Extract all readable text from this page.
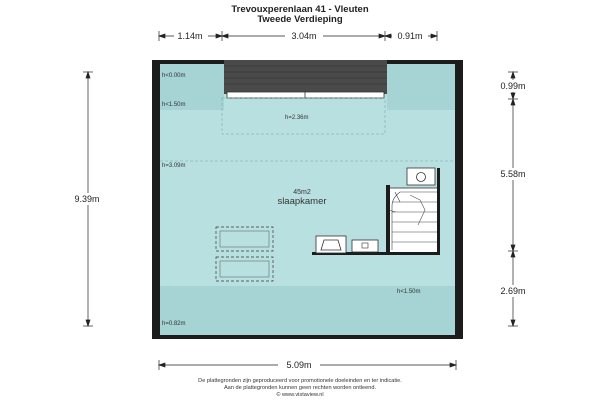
Trevouxperenlaan 41 - Vleuten
Tweede Verdieping
h<0.00m
h<1.50m
h=2.36m
h=3.09m
h<1.50m
h=0.82m
45m2
slaapkamer
1.14m	3.04m	0.91m
9.39m
0.99m
5.58m
2.69m
5.09m
De plattegronden zijn geproduceerd voor promotionele doeleinden en ter indicatie.
Aan de plattegronden kunnen geen rechten worden ontleend.
© www.vistaview.nl
